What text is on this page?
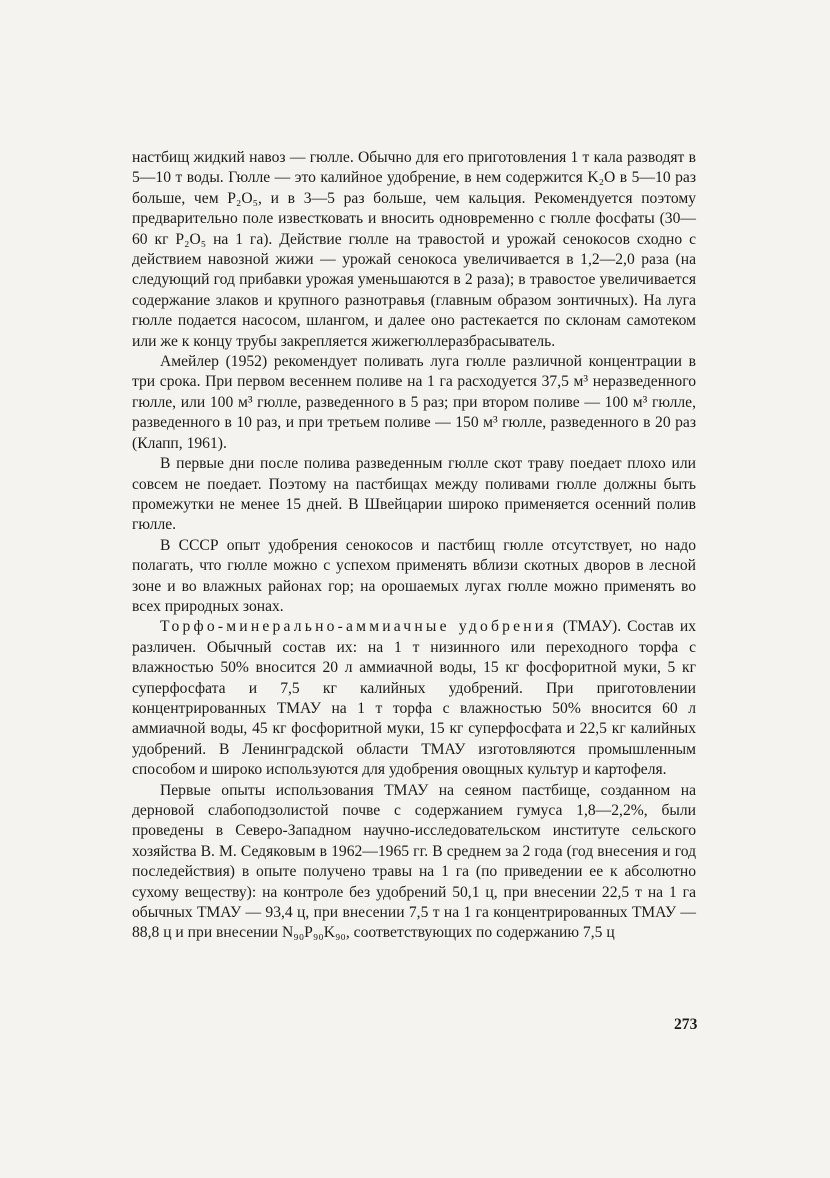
настбищ жидкий навоз — гюлле. Обычно для его приготовления 1 т кала разводят в 5—10 т воды. Гюлле — это калийное удобрение, в нем содержится K₂O в 5—10 раз больше, чем P₂O₅, и в 3—5 раз больше, чем кальция. Рекомендуется поэтому предварительно поле известковать и вносить одновременно с гюлле фосфаты (30—60 кг P₂O₅ на 1 га). Действие гюлле на травостой и урожай сенокосов сходно с действием навозной жижи — урожай сенокоса увеличивается в 1,2—2,0 раза (на следующий год прибавки урожая уменьшаются в 2 раза); в травостое увеличивается содержание злаков и крупного разнотравья (главным образом зонтичных). На луга гюлле подается насосом, шлангом, и далее оно растекается по склонам самотеком или же к концу трубы закрепляется жижегюллеразбрасыватель.

Амейлер (1952) рекомендует поливать луга гюлле различной концентрации в три срока. При первом весеннем поливе на 1 га расходуется 37,5 м³ неразведенного гюлле, или 100 м³ гюлле, разведенного в 5 раз; при втором поливе — 100 м³ гюлле, разведенного в 10 раз, и при третьем поливе — 150 м³ гюлле, разведенного в 20 раз (Клапп, 1961).

В первые дни после полива разведенным гюлле скот траву поедает плохо или совсем не поедает. Поэтому на пастбищах между поливами гюлле должны быть промежутки не менее 15 дней. В Швейцарии широко применяется осенний полив гюлле.

В СССР опыт удобрения сенокосов и пастбищ гюлле отсутствует, но надо полагать, что гюлле можно с успехом применять вблизи скотных дворов в лесной зоне и во влажных районах гор; на орошаемых лугах гюлле можно применять во всех природных зонах.

Торфо-минерально-аммиачные удобрения (ТМАУ). Состав их различен. Обычный состав их: на 1 т низинного или переходного торфа с влажностью 50% вносится 20 л аммиачной воды, 15 кг фосфоритной муки, 5 кг суперфосфата и 7,5 кг калийных удобрений. При приготовлении концентрированных ТМАУ на 1 т торфа с влажностью 50% вносится 60 л аммиачной воды, 45 кг фосфоритной муки, 15 кг суперфосфата и 22,5 кг калийных удобрений. В Ленинградской области ТМАУ изготовляются промышленным способом и широко используются для удобрения овощных культур и картофеля.

Первые опыты использования ТМАУ на сеяном пастбище, созданном на дерновой слабоподзолистой почве с содержанием гумуса 1,8—2,2%, были проведены в Северо-Западном научно-исследовательском институте сельского хозяйства В. М. Седяковым в 1962—1965 гг. В среднем за 2 года (год внесения и год последействия) в опыте получено травы на 1 га (по приведении ее к абсолютно сухому веществу): на контроле без удобрений 50,1 ц, при внесении 22,5 т на 1 га обычных ТМАУ — 93,4 ц, при внесении 7,5 т на 1 га концентрированных ТМАУ — 88,8 ц и при внесении N₉₀P₉₀K₉₀, соответствующих по содержанию 7,5 ц

273
